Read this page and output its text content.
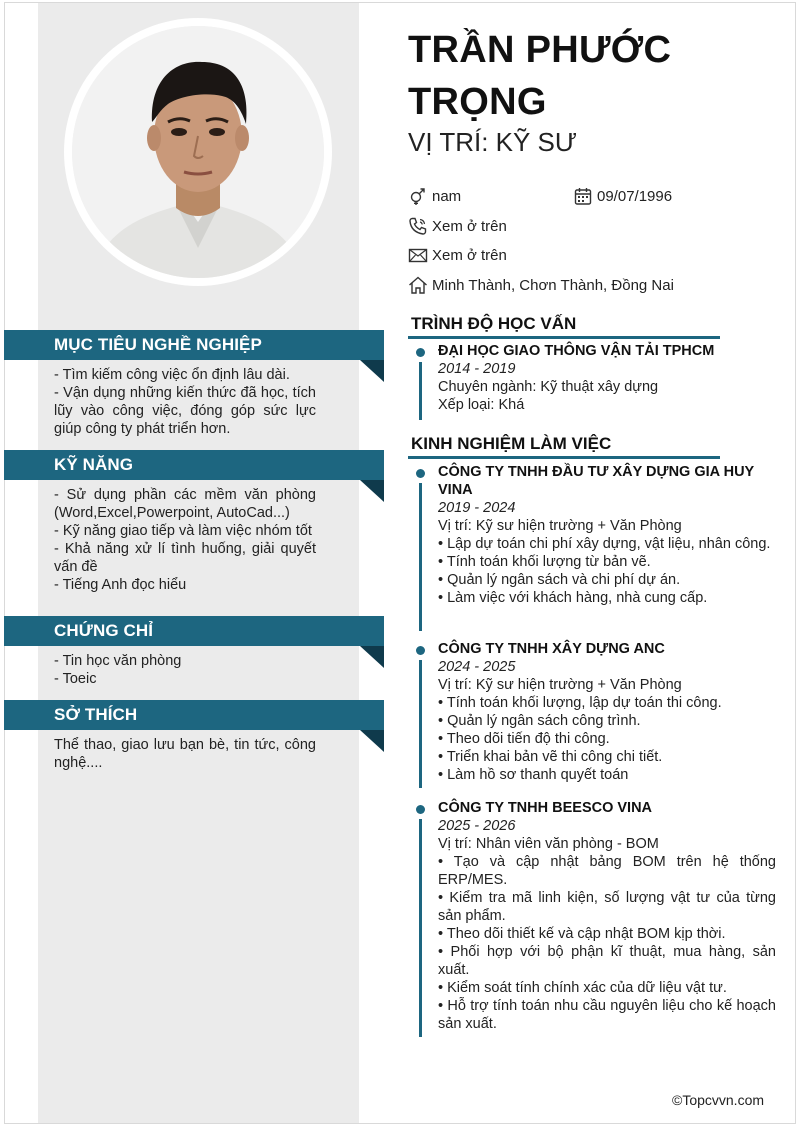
TRẦN PHƯỚC TRỌNG
VỊ TRÍ: KỸ SƯ
nam	09/07/1996
Xem ở trên
Xem ở trên
Minh Thành, Chơn Thành, Đồng Nai
MỤC TIÊU NGHỀ NGHIỆP
- Tìm kiếm công việc ổn định lâu dài.
- Vận dụng những kiến thức đã học, tích lũy vào công việc, đóng góp sức lực giúp công ty phát triển hơn.
KỸ NĂNG
- Sử dụng phần các mềm văn phòng (Word,Excel,Powerpoint, AutoCad...)
- Kỹ năng giao tiếp và làm việc nhóm tốt
- Khả năng xử lí tình huống, giải quyết vấn đề
- Tiếng Anh đọc hiểu
CHỨNG CHỈ
- Tin học văn phòng
- Toeic
SỞ THÍCH
Thể thao, giao lưu bạn bè, tin tức, công nghệ....
TRÌNH ĐỘ HỌC VẤN
ĐẠI HỌC GIAO THÔNG VẬN TẢI TPHCM
2014 - 2019
Chuyên ngành: Kỹ thuật xây dựng
Xếp loại: Khá
KINH NGHIỆM LÀM VIỆC
CÔNG TY TNHH ĐẦU TƯ XÂY DỰNG GIA HUY VINA
2019 - 2024
Vị trí: Kỹ sư hiện trường + Văn Phòng
• Lập dự toán chi phí xây dựng, vật liệu, nhân công.
• Tính toán khối lượng từ bản vẽ.
• Quản lý ngân sách và chi phí dự án.
• Làm việc với khách hàng, nhà cung cấp.
CÔNG TY TNHH XÂY DỰNG ANC
2024 - 2025
Vị trí: Kỹ sư hiện trường + Văn Phòng
• Tính toán khối lượng, lập dự toán thi công.
• Quản lý ngân sách công trình.
• Theo dõi tiến độ thi công.
• Triển khai bản vẽ thi công chi tiết.
• Làm hồ sơ thanh quyết toán
CÔNG TY TNHH BEESCO VINA
2025 - 2026
Vị trí: Nhân viên văn phòng - BOM
• Tạo và cập nhật bảng BOM trên hệ thống ERP/MES.
• Kiểm tra mã linh kiện, số lượng vật tư của từng sản phẩm.
• Theo dõi thiết kế và cập nhật BOM kịp thời.
• Phối hợp với bộ phận kĩ thuật, mua hàng, sản xuất.
• Kiểm soát tính chính xác của dữ liệu vật tư.
• Hỗ trợ tính toán nhu cầu nguyên liệu cho kế hoạch sản xuất.
©Topcvvn.com
